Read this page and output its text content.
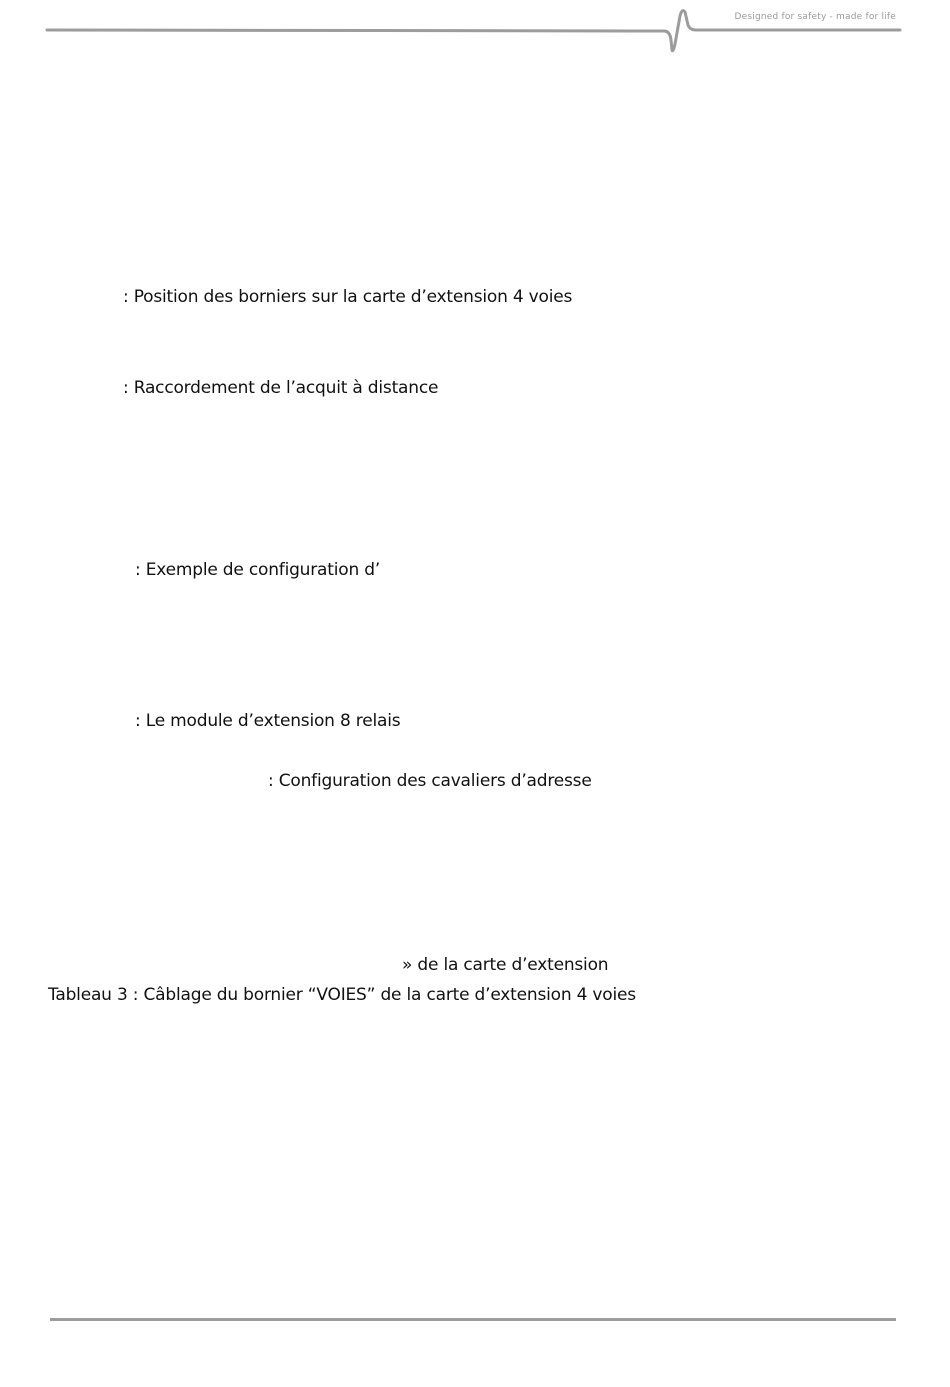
Designed for safety - made for life
: Position des borniers sur la carte d’extension 4 voies
: Raccordement de l’acquit à distance
: Exemple de configuration d’
: Le module d’extension 8 relais
: Configuration des cavaliers d’adresse
» de la carte d’extension
Tableau 3 : Câblage du bornier “VOIES” de la carte d’extension 4 voies
